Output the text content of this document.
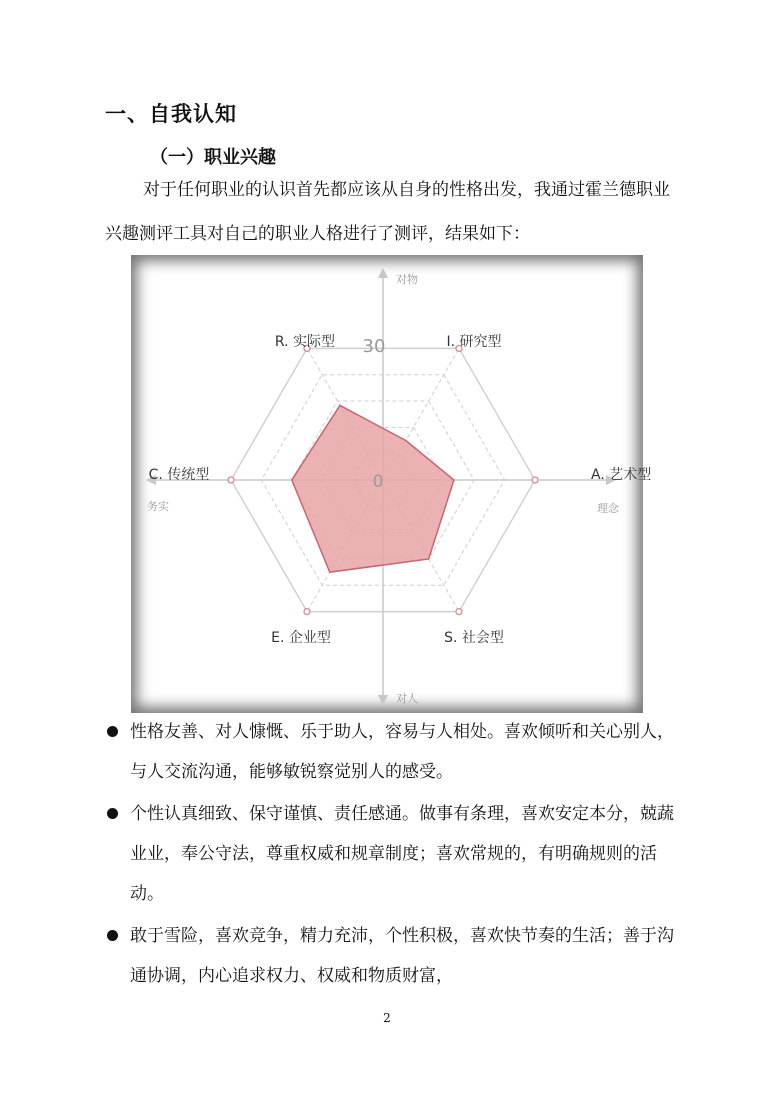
一、自我认知
（一）职业兴趣

对于任何职业的认识首先都应该从自身的性格出发，我通过霍兰德职业兴趣测评工具对自己的职业人格进行了测评，结果如下：

I. 研究型
A. 艺术型
S. 社会型
E. 企业型
C. 传统型
R. 实际型 30
0
对物
对人
务实	理念
性格友善、对人慷慨、乐于助人，容易与人相处。喜欢倾听和关心别人，与人交流沟通，能够敏锐察觉别人的感受。
个性认真细致、保守谨慎、责任感通。做事有条理，喜欢安定本分，兢蔬业业，奉公守法，尊重权威和规章制度；喜欢常规的，有明确规则的活动。
敢于雪险，喜欢竞争，精力充沛，个性积极，喜欢快节奏的生活；善于沟通协调，内心追求权力、权威和物质财富，
2
